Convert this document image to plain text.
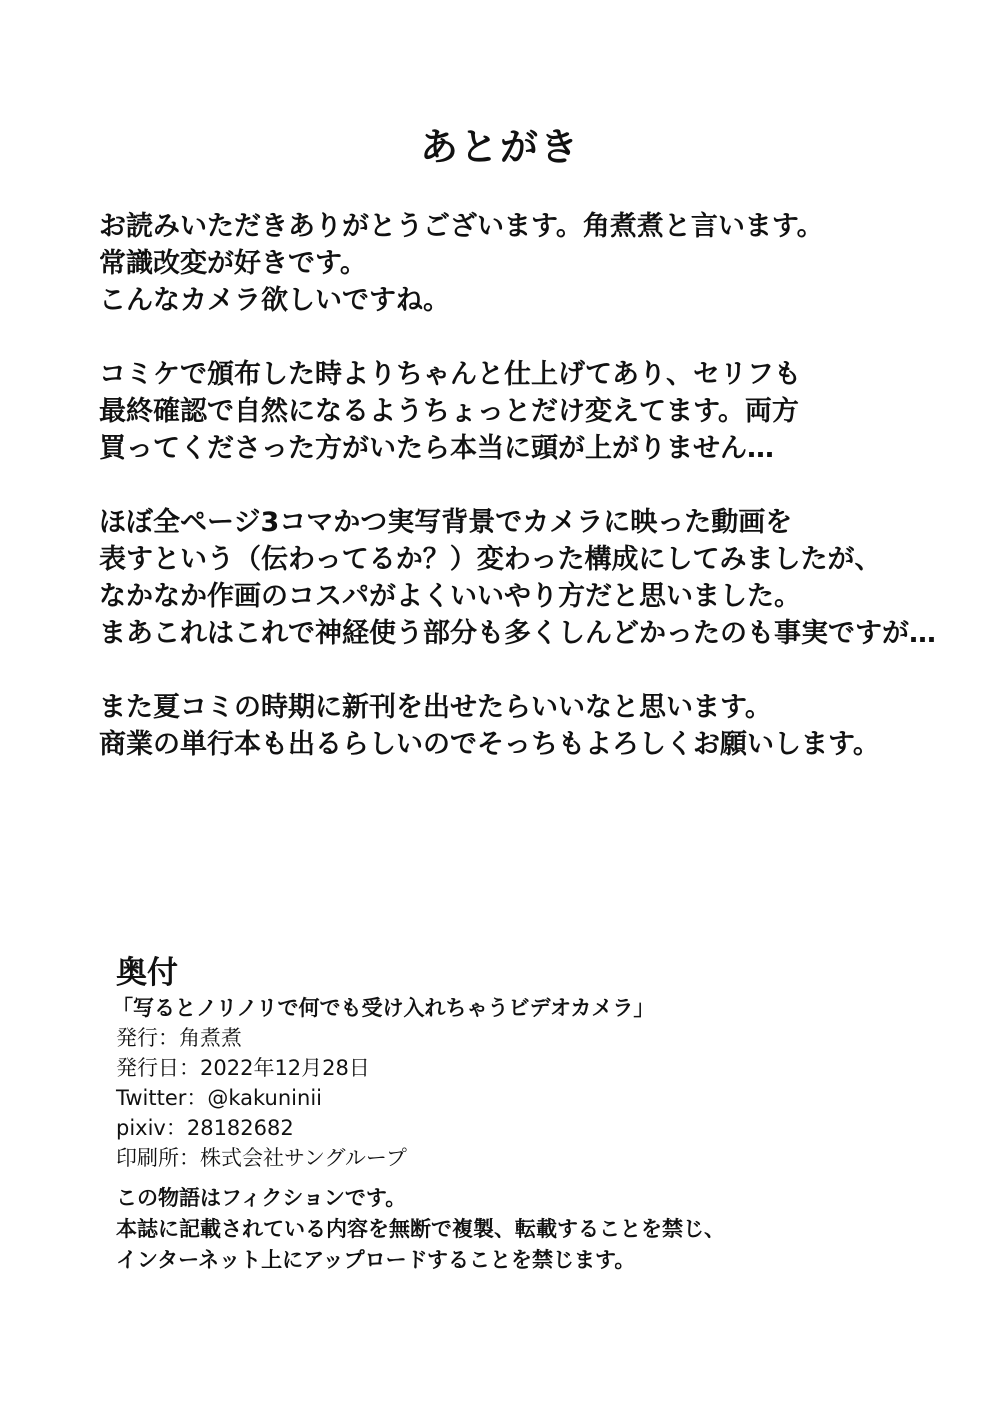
あとがき
お読みいただきありがとうございます。角煮煮と言います。
常識改変が好きです。
こんなカメラ欲しいですね。
コミケで頒布した時よりちゃんと仕上げてあり、セリフも
最終確認で自然になるようちょっとだけ変えてます。両方
買ってくださった方がいたら本当に頭が上がりません…
ほぼ全ページ3コマかつ実写背景でカメラに映った動画を
表すという（伝わってるか？）変わった構成にしてみましたが、
なかなか作画のコスパがよくいいやり方だと思いました。
まあこれはこれで神経使う部分も多くしんどかったのも事実ですが…
また夏コミの時期に新刊を出せたらいいなと思います。
商業の単行本も出るらしいのでそっちもよろしくお願いします。
奥付
「写るとノリノリで何でも受け入れちゃうビデオカメラ」
発行：角煮煮
発行日：2022年12月28日
Twitter：@kakuninii
pixiv：28182682
印刷所：株式会社サングループ
この物語はフィクションです。
本誌に記載されている内容を無断で複製、転載することを禁じ、
インターネット上にアップロードすることを禁じます。
